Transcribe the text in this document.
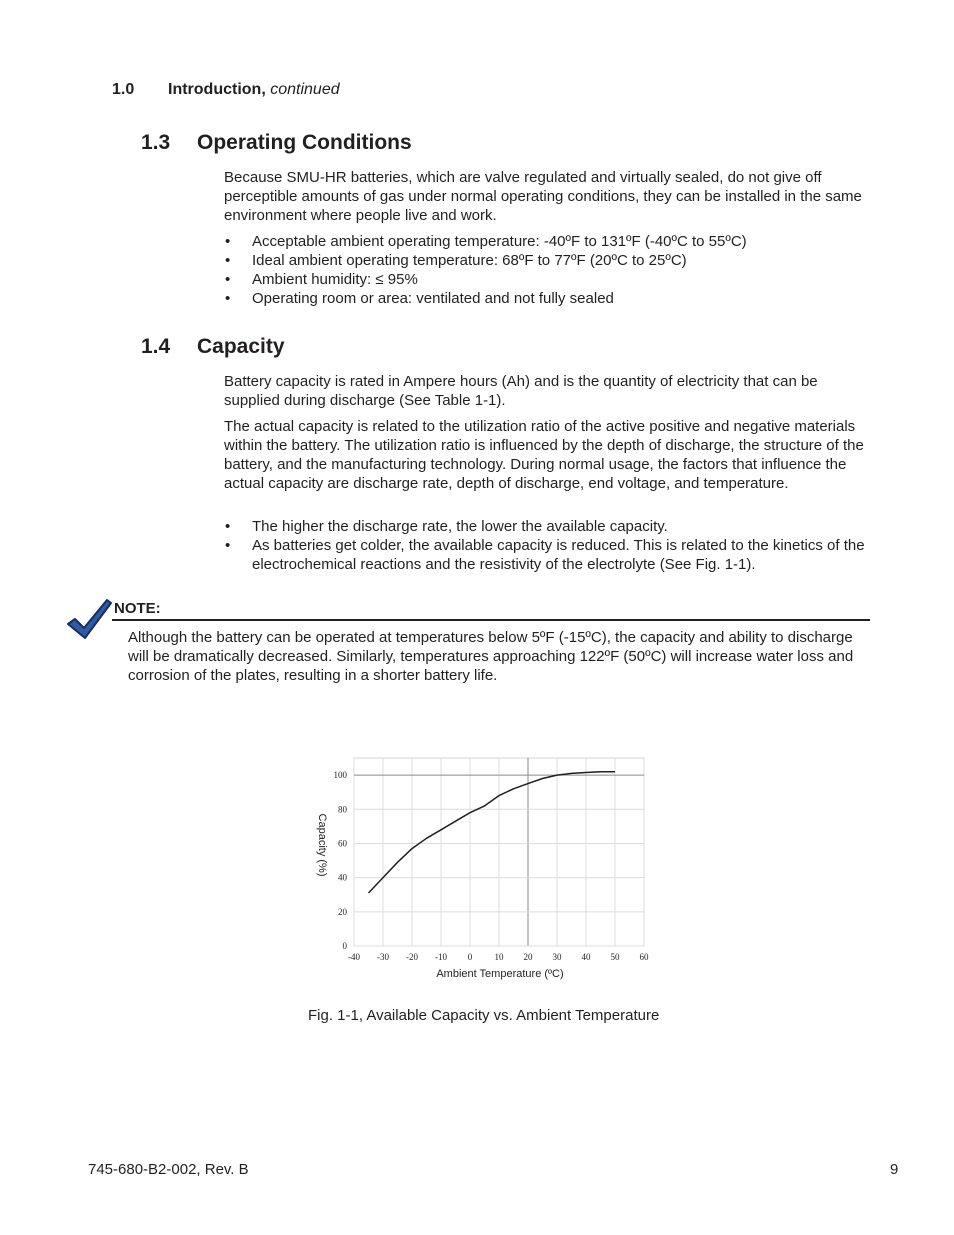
1.0 Introduction, continued
1.3 Operating Conditions

Because SMU-HR batteries, which are valve regulated and virtually sealed, do not give off perceptible amounts of gas under normal operating conditions, they can be installed in the same environment where people live and work.

• Acceptable ambient operating temperature: -40ºF to 131ºF (-40ºC to 55ºC)
• Ideal ambient operating temperature: 68ºF to 77ºF (20ºC to 25ºC)
• Ambient humidity: ≤ 95%
• Operating room or area: ventilated and not fully sealed
1.4 Capacity

Battery capacity is rated in Ampere hours (Ah) and is the quantity of electricity that can be supplied during discharge (See Table 1-1).

The actual capacity is related to the utilization ratio of the active positive and negative materials within the battery. The utilization ratio is influenced by the depth of discharge, the structure of the battery, and the manufacturing technology. During normal usage, the factors that influence the actual capacity are discharge rate, depth of discharge, end voltage, and temperature.

• The higher the discharge rate, the lower the available capacity.
• As batteries get colder, the available capacity is reduced. This is related to the kinetics of the electrochemical reactions and the resistivity of the electrolyte (See Fig. 1-1).
NOTE:

Although the battery can be operated at temperatures below 5ºF (-15ºC), the capacity and ability to discharge will be dramatically decreased. Similarly, temperatures approaching 122ºF (50ºC) will increase water loss and corrosion of the plates, resulting in a shorter battery life.

-40 -30 -20 -10 0 10 20 30 40 50 60
0
20
40
60
80
100
Ambient Temperature (ºC)
Capacity (%)
Fig. 1-1, Available Capacity vs. Ambient Temperature
745-680-B2-002, Rev. B	9
